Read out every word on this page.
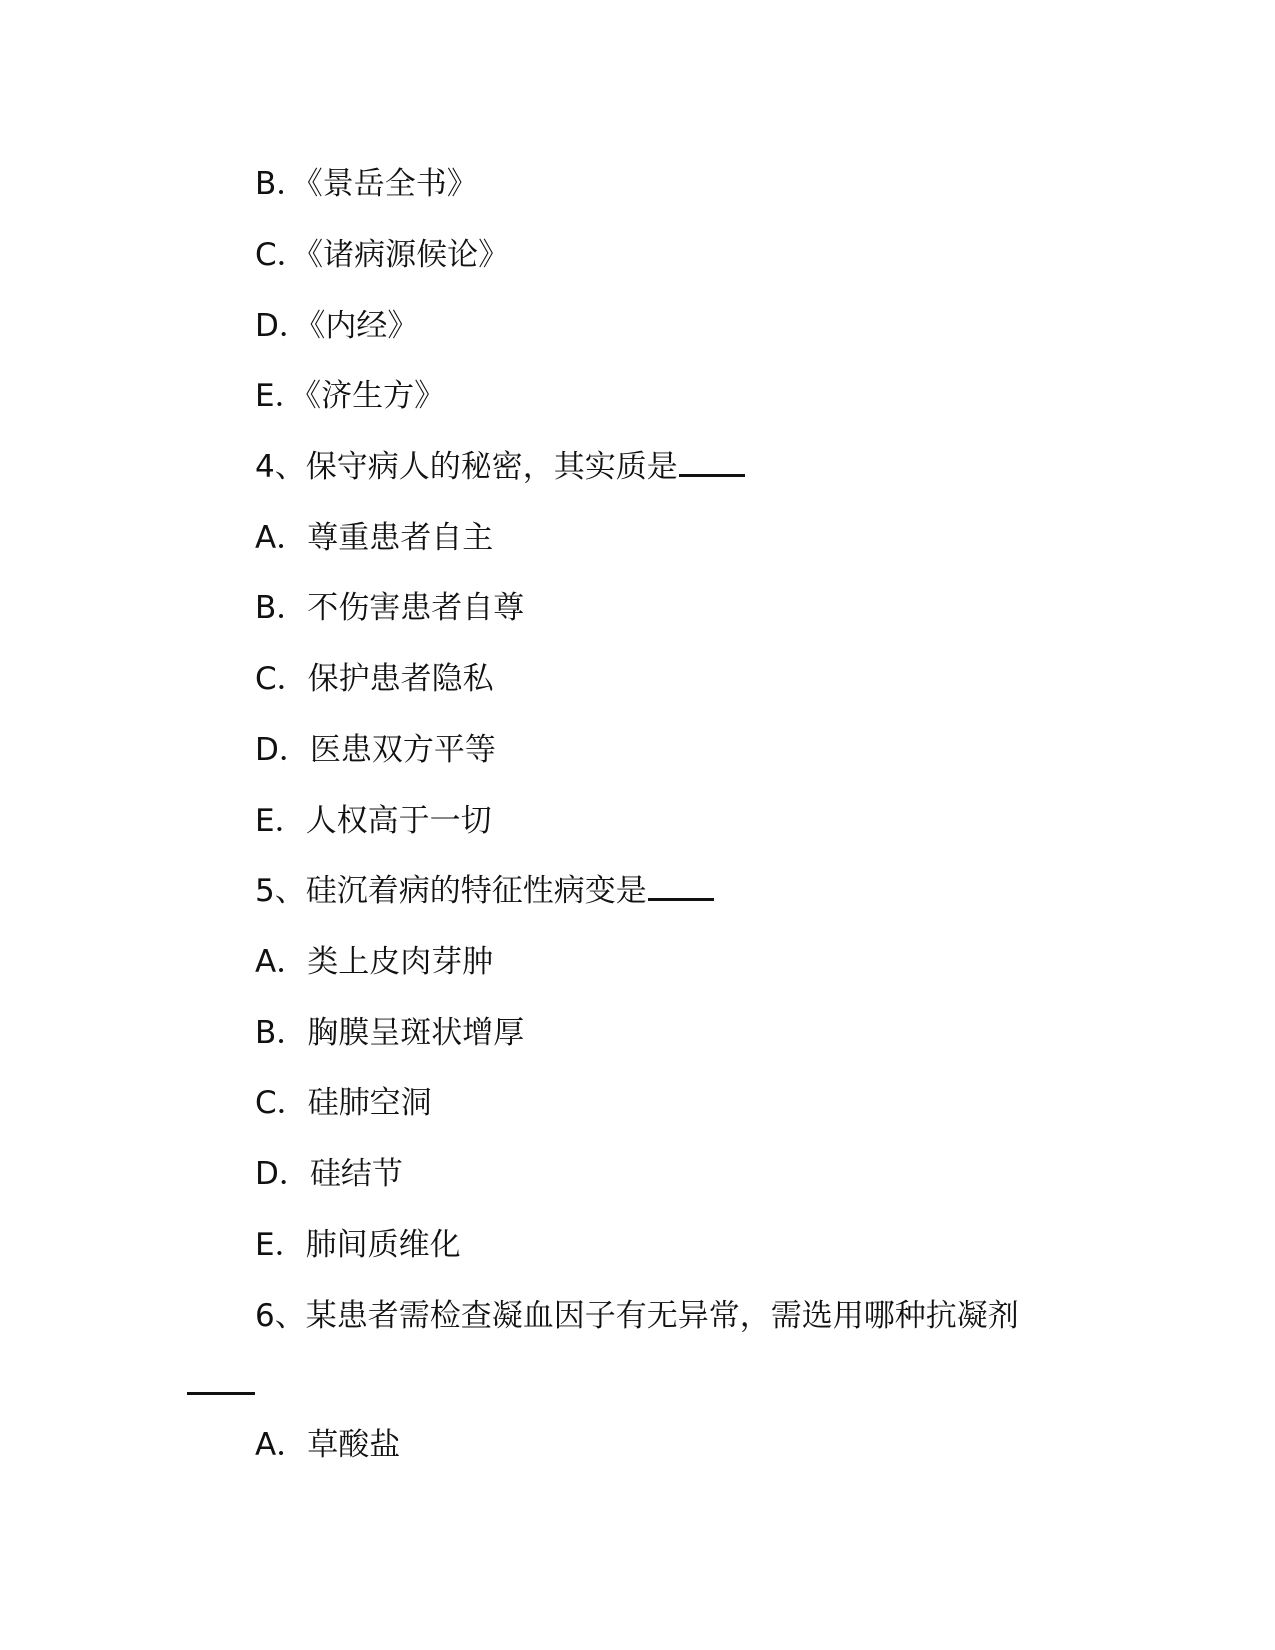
B．《景岳全书》
C．《诸病源候论》
D．《内经》
E．《济生方》
4、保守病人的秘密，其实质是
A．尊重患者自主
B．不伤害患者自尊
C．保护患者隐私
D．医患双方平等
E．人权高于一切
5、硅沉着病的特征性病变是
A．类上皮肉芽肿
B．胸膜呈斑状增厚
C．硅肺空洞
D．硅结节
E．肺间质维化
6、某患者需检查凝血因子有无异常，需选用哪种抗凝剂
A．草酸盐
